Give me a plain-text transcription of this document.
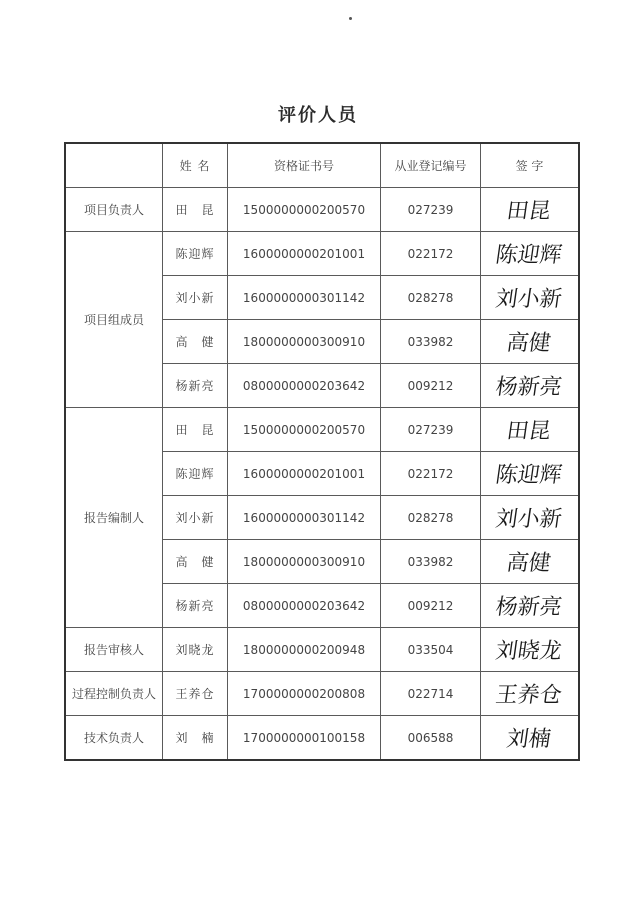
评价人员
	姓 名	资格证书号	从业登记编号	签 字
项目负责人	田　昆	1500000000200570	027239	田昆
项目组成员	陈迎辉	1600000000201001	022172	陈迎辉
	刘小新	1600000000301142	028278	刘小新
	高　健	1800000000300910	033982	高健
	杨新亮	0800000000203642	009212	杨新亮
报告编制人	田　昆	1500000000200570	027239	田昆
	陈迎辉	1600000000201001	022172	陈迎辉
	刘小新	1600000000301142	028278	刘小新
	高　健	1800000000300910	033982	高健
	杨新亮	0800000000203642	009212	杨新亮
报告审核人	刘晓龙	1800000000200948	033504	刘晓龙
过程控制负责人	王养仓	1700000000200808	022714	王养仓
技术负责人	刘　楠	1700000000100158	006588	刘楠
